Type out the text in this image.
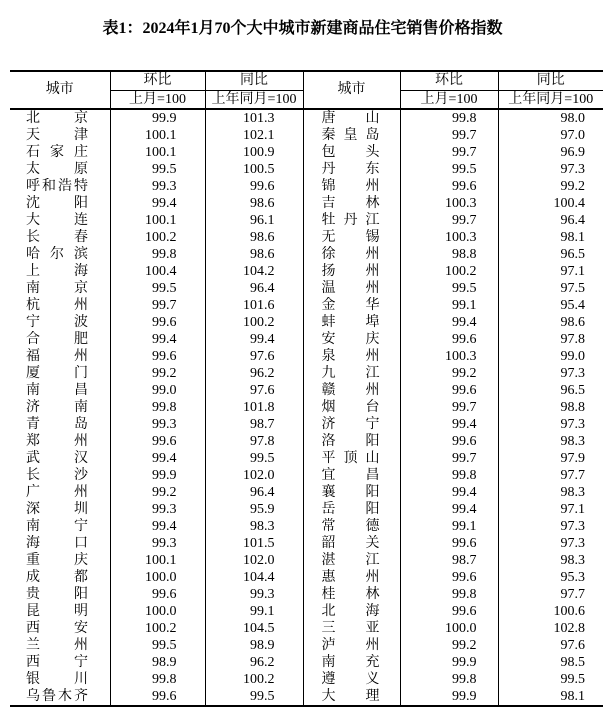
表1：2024年1月70个大中城市新建商品住宅销售价格指数
城市	环比	同比	城市	环比	同比
	上月=100	上年同月=100		上月=100	上年同月=100
北京	99.9	101.3	唐山	99.8	98.0
天津	100.1	102.1	秦皇岛	99.7	97.0
石家庄	100.1	100.9	包头	99.7	96.9
太原	99.5	100.5	丹东	99.5	97.3
呼和浩特	99.3	99.6	锦州	99.6	99.2
沈阳	99.4	98.6	吉林	100.3	100.4
大连	100.1	96.1	牡丹江	99.7	96.4
长春	100.2	98.6	无锡	100.3	98.1
哈尔滨	99.8	98.6	徐州	98.8	96.5
上海	100.4	104.2	扬州	100.2	97.1
南京	99.5	96.4	温州	99.5	97.5
杭州	99.7	101.6	金华	99.1	95.4
宁波	99.6	100.2	蚌埠	99.4	98.6
合肥	99.4	99.4	安庆	99.6	97.8
福州	99.6	97.6	泉州	100.3	99.0
厦门	99.2	96.2	九江	99.2	97.3
南昌	99.0	97.6	赣州	99.6	96.5
济南	99.8	101.8	烟台	99.7	98.8
青岛	99.3	98.7	济宁	99.4	97.3
郑州	99.6	97.8	洛阳	99.6	98.3
武汉	99.4	99.5	平顶山	99.7	97.9
长沙	99.9	102.0	宜昌	99.8	97.7
广州	99.2	96.4	襄阳	99.4	98.3
深圳	99.3	95.9	岳阳	99.4	97.1
南宁	99.4	98.3	常德	99.1	97.3
海口	99.3	101.5	韶关	99.6	97.3
重庆	100.1	102.0	湛江	98.7	98.3
成都	100.0	104.4	惠州	99.6	95.3
贵阳	99.6	99.3	桂林	99.8	97.7
昆明	100.0	99.1	北海	99.6	100.6
西安	100.2	104.5	三亚	100.0	102.8
兰州	99.5	98.9	泸州	99.2	97.6
西宁	98.9	96.2	南充	99.9	98.5
银川	99.8	100.2	遵义	99.8	99.5
乌鲁木齐	99.6	99.5	大理	99.9	98.1
